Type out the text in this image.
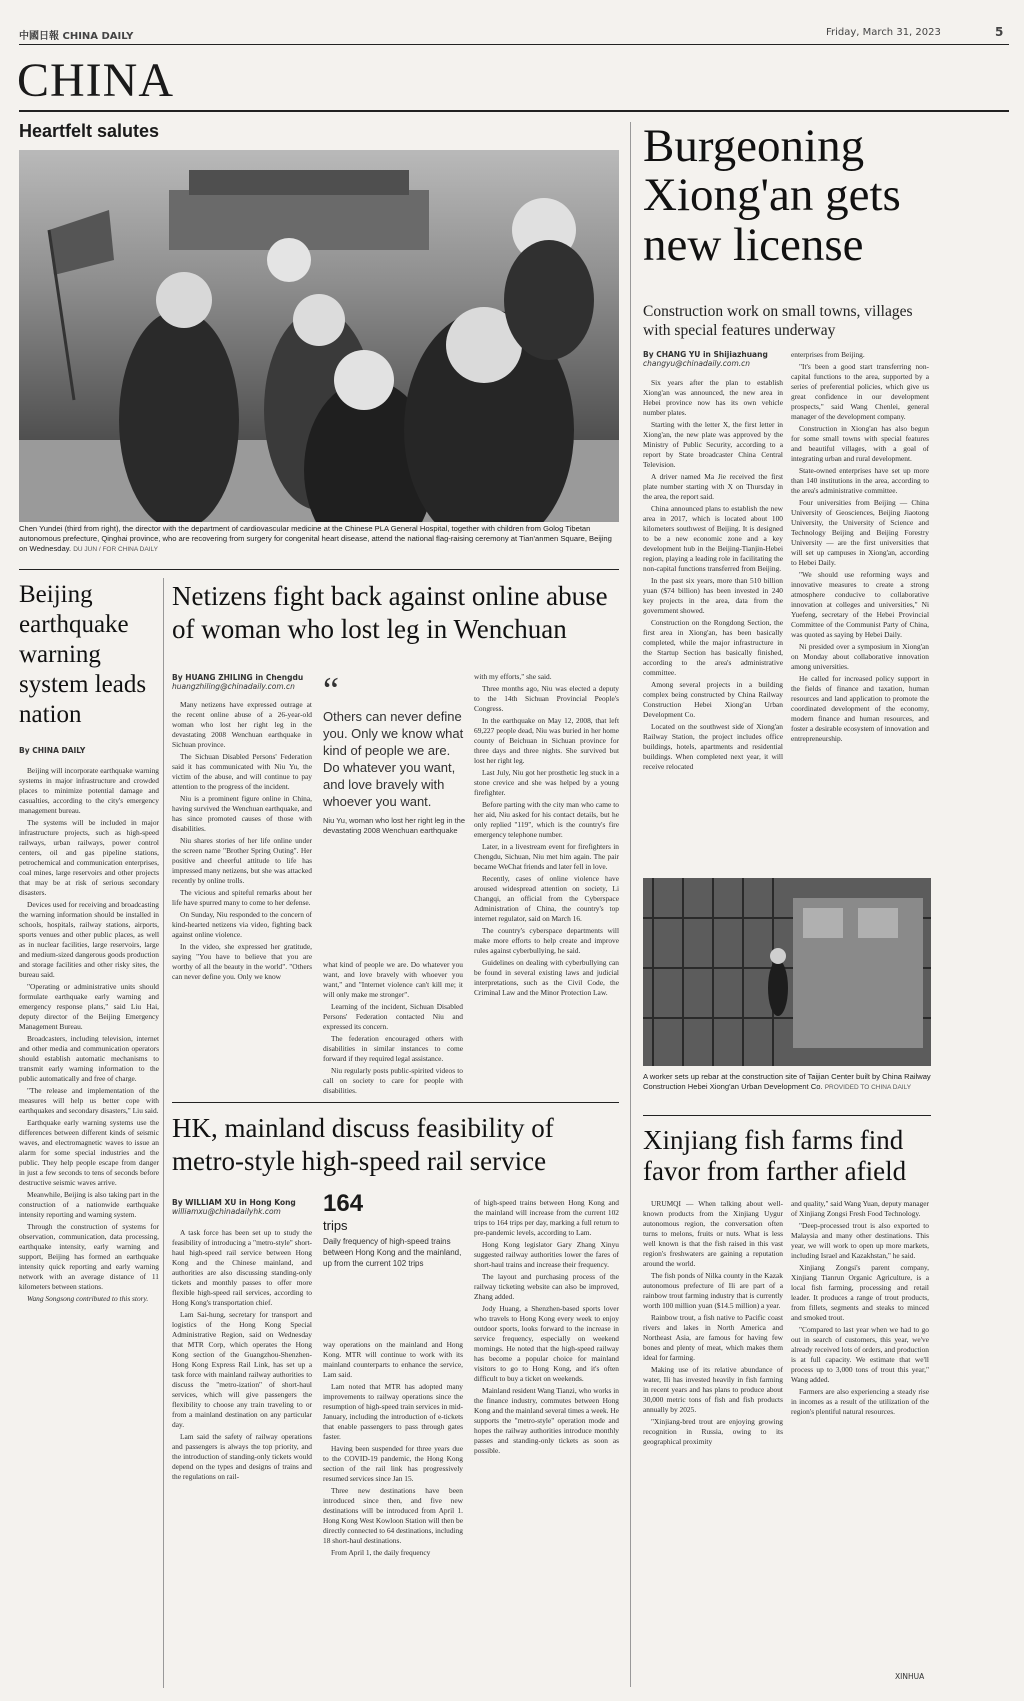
中國日報 CHINA DAILY	Friday, March 31, 2023	5
CHINA
Heartfelt salutes
Chen Yundei (third from right), the director with the department of cardiovascular medicine at the Chinese PLA General Hospital, together with children from Golog Tibetan autonomous prefecture, Qinghai province, who are recovering from surgery for congenital heart disease, attend the national flag-raising ceremony at Tian'anmen Square, Beijing on Wednesday. DU JUN / FOR CHINA DAILY
Burgeoning Xiong'an gets new license
Construction work on small towns, villages with special features underway
By CHANG YU in Shijiazhuang
changyu@chinadaily.com.cn

Six years after the plan to establish Xiong'an was announced, the new area in Hebei province now has its own vehicle number plates.

Starting with the letter X, the first letter in Xiong'an, the new plate was approved by the Ministry of Public Security, according to a report by State broadcaster China Central Television.

A driver named Ma Jie received the first plate number starting with X on Thursday in the area, the report said.

China announced plans to establish the new area in 2017, which is located about 100 kilometers southwest of Beijing. It is designed to be a new economic zone and a key development hub in the Beijing-Tianjin-Hebei region, playing a leading role in facilitating the non-capital functions transferred from Beijing.

In the past six years, more than 510 billion yuan ($74 billion) has been invested in 240 key projects in the area, data from the government showed.

Construction on the Rongdong Section, the first area in Xiong'an, has been basically completed, while the major infrastructure in the Startup Section has basically finished, according to the area's administrative committee.

Among several projects in a building complex being constructed by China Railway Construction Hebei Xiong'an Urban Development Co.

Located on the southwest side of Xiong'an Railway Station, the project includes office buildings, hotels, apartments and residential buildings. When completed next year, it will receive relocated

enterprises from Beijing.

"It's been a good start transferring non-capital functions to the area, supported by a series of preferential policies, which give us great confidence in our development prospects," said Wang Chenlei, general manager of the development company.

Construction in Xiong'an has also begun for some small towns with special features and beautiful villages, with a goal of integrating urban and rural development.

State-owned enterprises have set up more than 140 institutions in the area, according to the area's administrative committee.

Four universities from Beijing — China University of Geosciences, Beijing Jiaotong University, the University of Science and Technology Beijing and Beijing Forestry University — are the first universities that will set up campuses in Xiong'an, according to Hebei Daily.

"We should use reforming ways and innovative measures to create a strong atmosphere conducive to collaborative innovation at colleges and universities," Ni Yuefeng, secretary of the Hebei Provincial Committee of the Communist Party of China, was quoted as saying by Hebei Daily.

Ni presided over a symposium in Xiong'an on Monday about collaborative innovation among universities.

He called for increased policy support in the fields of finance and taxation, human resources and land application to promote the coordinated development of the economy, modern finance and human resources, and foster a desirable ecosystem of innovation and entrepreneurship.

A worker sets up rebar at the construction site of Taijian Center built by China Railway Construction Hebei Xiong'an Urban Development Co. PROVIDED TO CHINA DAILY
Xinjiang fish farms find favor from farther afield

URUMQI — When talking about well-known products from the Xinjiang Uygur autonomous region, the conversation often turns to melons, fruits or nuts. What is less well known is that the fish raised in this vast region's freshwaters are gaining a reputation around the world.

The fish ponds of Nilka county in the Kazak autonomous prefecture of Ili are part of a rainbow trout farming industry that is currently worth 100 million yuan ($14.5 million) a year.

Rainbow trout, a fish native to Pacific coast rivers and lakes in North America and Northeast Asia, are famous for having few bones and plenty of meat, which makes them ideal for farming.

Making use of its relative abundance of water, Ili has invested heavily in fish farming in recent years and has plans to produce about 30,000 metric tons of fish and fish products annually by 2025.

"Xinjiang-bred trout are enjoying growing recognition in Russia, owing to its geographical proximity

and quality," said Wang Yuan, deputy manager of Xinjiang Zongsi Fresh Food Technology.

"Deep-processed trout is also exported to Malaysia and many other destinations. This year, we will work to open up more markets, including Israel and Kazakhstan," he said.

Xinjiang Zongsi's parent company, Xinjiang Tianrun Organic Agriculture, is a local fish farming, processing and retail leader. It produces a range of trout products, from fillets, segments and steaks to minced and smoked trout.

"Compared to last year when we had to go out in search of customers, this year, we've already received lots of orders, and production is at full capacity. We estimate that we'll process up to 3,000 tons of trout this year," Wang added.

Farmers are also experiencing a steady rise in incomes as a result of the utilization of the region's plentiful natural resources.

XINHUA
Beijing earthquake warning system leads nation
By CHINA DAILY

Beijing will incorporate earthquake warning systems in major infrastructure and crowded places to minimize potential damage and casualties, according to the city's emergency management bureau.

The systems will be included in major infrastructure projects, such as high-speed railways, urban railways, power control centers, oil and gas pipeline stations, petrochemical and communication enterprises, coal mines, large reservoirs and other projects that may be at risk of serious secondary disasters.

Devices used for receiving and broadcasting the warning information should be installed in schools, hospitals, railway stations, airports, sports venues and other public places, as well as in nuclear facilities, large reservoirs, large and medium-sized dangerous goods production and storage facilities and other risky sites, the bureau said.

"Operating or administrative units should formulate earthquake early warning and emergency response plans," said Liu Hai, deputy director of the Beijing Emergency Management Bureau.

Broadcasters, including television, internet and other media and communication operators should establish automatic mechanisms to transmit early warning information to the public automatically and free of charge.

"The release and implementation of the measures will help us better cope with earthquakes and secondary disasters," Liu said.

Earthquake early warning systems use the differences between different kinds of seismic waves, and electromagnetic waves to issue an alarm for some special industries and the public. They help people escape from danger in just a few seconds to tens of seconds before destructive seismic waves arrive.

Meanwhile, Beijing is also taking part in the construction of a nationwide earthquake intensity reporting and warning system.

Through the construction of systems for observation, communication, data processing, earthquake intensity, early warning and support, Beijing has formed an earthquake intensity quick reporting and early warning network with an average distance of 11 kilometers between stations.

Wang Songsong contributed to this story.

Netizens fight back against online abuse of woman who lost leg in Wenchuan
By HUANG ZHILING in Chengdu
huangzhiling@chinadaily.com.cn

Many netizens have expressed outrage at the recent online abuse of a 26-year-old woman who lost her right leg in the devastating 2008 Wenchuan earthquake in Sichuan province.

The Sichuan Disabled Persons' Federation said it has communicated with Niu Yu, the victim of the abuse, and will continue to pay attention to the progress of the incident.

Niu is a prominent figure online in China, having survived the Wenchuan earthquake, and has since promoted causes of those with disabilities.

Niu shares stories of her life online under the screen name "Brother Spring Outing". Her positive and cheerful attitude to life has impressed many netizens, but she was attacked recently by online trolls.

The vicious and spiteful remarks about her life have spurred many to come to her defense.

On Sunday, Niu responded to the concern of kind-hearted netizens via video, fighting back against online violence.

In the video, she expressed her gratitude, saying "You have to believe that you are worthy of all the beauty in the world". "Others can never define you. Only we know

“
Others can never define you. Only we know what kind of people we are. Do whatever you want, and love bravely with whoever you want.
Niu Yu, woman who lost her right leg in the devastating 2008 Wenchuan earthquake

what kind of people we are. Do whatever you want, and love bravely with whoever you want," and "Internet violence can't kill me; it will only make me stronger".

Learning of the incident, Sichuan Disabled Persons' Federation contacted Niu and expressed its concern.

The federation encouraged others with disabilities in similar instances to come forward if they required legal assistance.

Niu regularly posts public-spirited videos to call on society to care for people with disabilities.

with my efforts," she said.

Three months ago, Niu was elected a deputy to the 14th Sichuan Provincial People's Congress.

In the earthquake on May 12, 2008, that left 69,227 people dead, Niu was buried in her home county of Beichuan in Sichuan province for three days and three nights. She survived but lost her right leg.

Last July, Niu got her prosthetic leg stuck in a stone crevice and she was helped by a young firefighter.

Before parting with the city man who came to her aid, Niu asked for his contact details, but he only replied "119", which is the country's fire emergency telephone number.

Later, in a livestream event for firefighters in Chengdu, Sichuan, Niu met him again. The pair became WeChat friends and later fell in love.

Recently, cases of online violence have aroused widespread attention on society, Li Changqi, an official from the Cyberspace Administration of China, the country's top internet regulator, said on March 16.

The country's cyberspace departments will make more efforts to help create and improve rules against cyberbullying, he said.

Guidelines on dealing with cyberbullying can be found in several existing laws and judicial interpretations, such as the Civil Code, the Criminal Law and the Minor Protection Law.

HK, mainland discuss feasibility of metro-style high-speed rail service
By WILLIAM XU in Hong Kong
williamxu@chinadailyhk.com

A task force has been set up to study the feasibility of introducing a "metro-style" short-haul high-speed rail service between Hong Kong and the Chinese mainland, and authorities are also discussing standing-only tickets and monthly passes to offer more flexible high-speed rail services, according to Hong Kong's transportation chief.

Lam Sai-hung, secretary for transport and logistics of the Hong Kong Special Administrative Region, said on Wednesday that MTR Corp, which operates the Hong Kong section of the Guangzhou-Shenzhen-Hong Kong Express Rail Link, has set up a task force with mainland railway authorities to discuss the "metro-ization" of short-haul services, which will give passengers the flexibility to choose any train traveling to or from a mainland destination on any particular day.

Lam said the safety of railway operations and passengers is always the top priority, and the introduction of standing-only tickets would depend on the types and designs of trains and the regulations on rail-

164
trips
Daily frequency of high-speed trains between Hong Kong and the mainland, up from the current 102 trips

way operations on the mainland and Hong Kong. MTR will continue to work with its mainland counterparts to enhance the service, Lam said.

Lam noted that MTR has adopted many improvements to railway operations since the resumption of high-speed train services in mid-January, including the introduction of e-tickets that enable passengers to pass through gates faster.

Having been suspended for three years due to the COVID-19 pandemic, the Hong Kong section of the rail link has progressively resumed services since Jan 15.

Three new destinations have been introduced since then, and five new destinations will be introduced from April 1. Hong Kong West Kowloon Station will then be directly connected to 64 destinations, including 18 short-haul destinations.

From April 1, the daily frequency

of high-speed trains between Hong Kong and the mainland will increase from the current 102 trips to 164 trips per day, marking a full return to pre-pandemic levels, according to Lam.

Hong Kong legislator Gary Zhang Xinyu suggested railway authorities lower the fares of short-haul trains and increase their frequency.

The layout and purchasing process of the railway ticketing website can also be improved, Zhang added.

Jody Huang, a Shenzhen-based sports lover who travels to Hong Kong every week to enjoy outdoor sports, looks forward to the increase in service frequency, especially on weekend mornings. He noted that the high-speed railway has become a popular choice for mainland visitors to go to Hong Kong, and it's often difficult to buy a ticket on weekends.

Mainland resident Wang Tianzi, who works in the finance industry, commutes between Hong Kong and the mainland several times a week. He supports the "metro-style" operation mode and hopes the railway authorities introduce monthly passes and standing-only tickets as soon as possible.
